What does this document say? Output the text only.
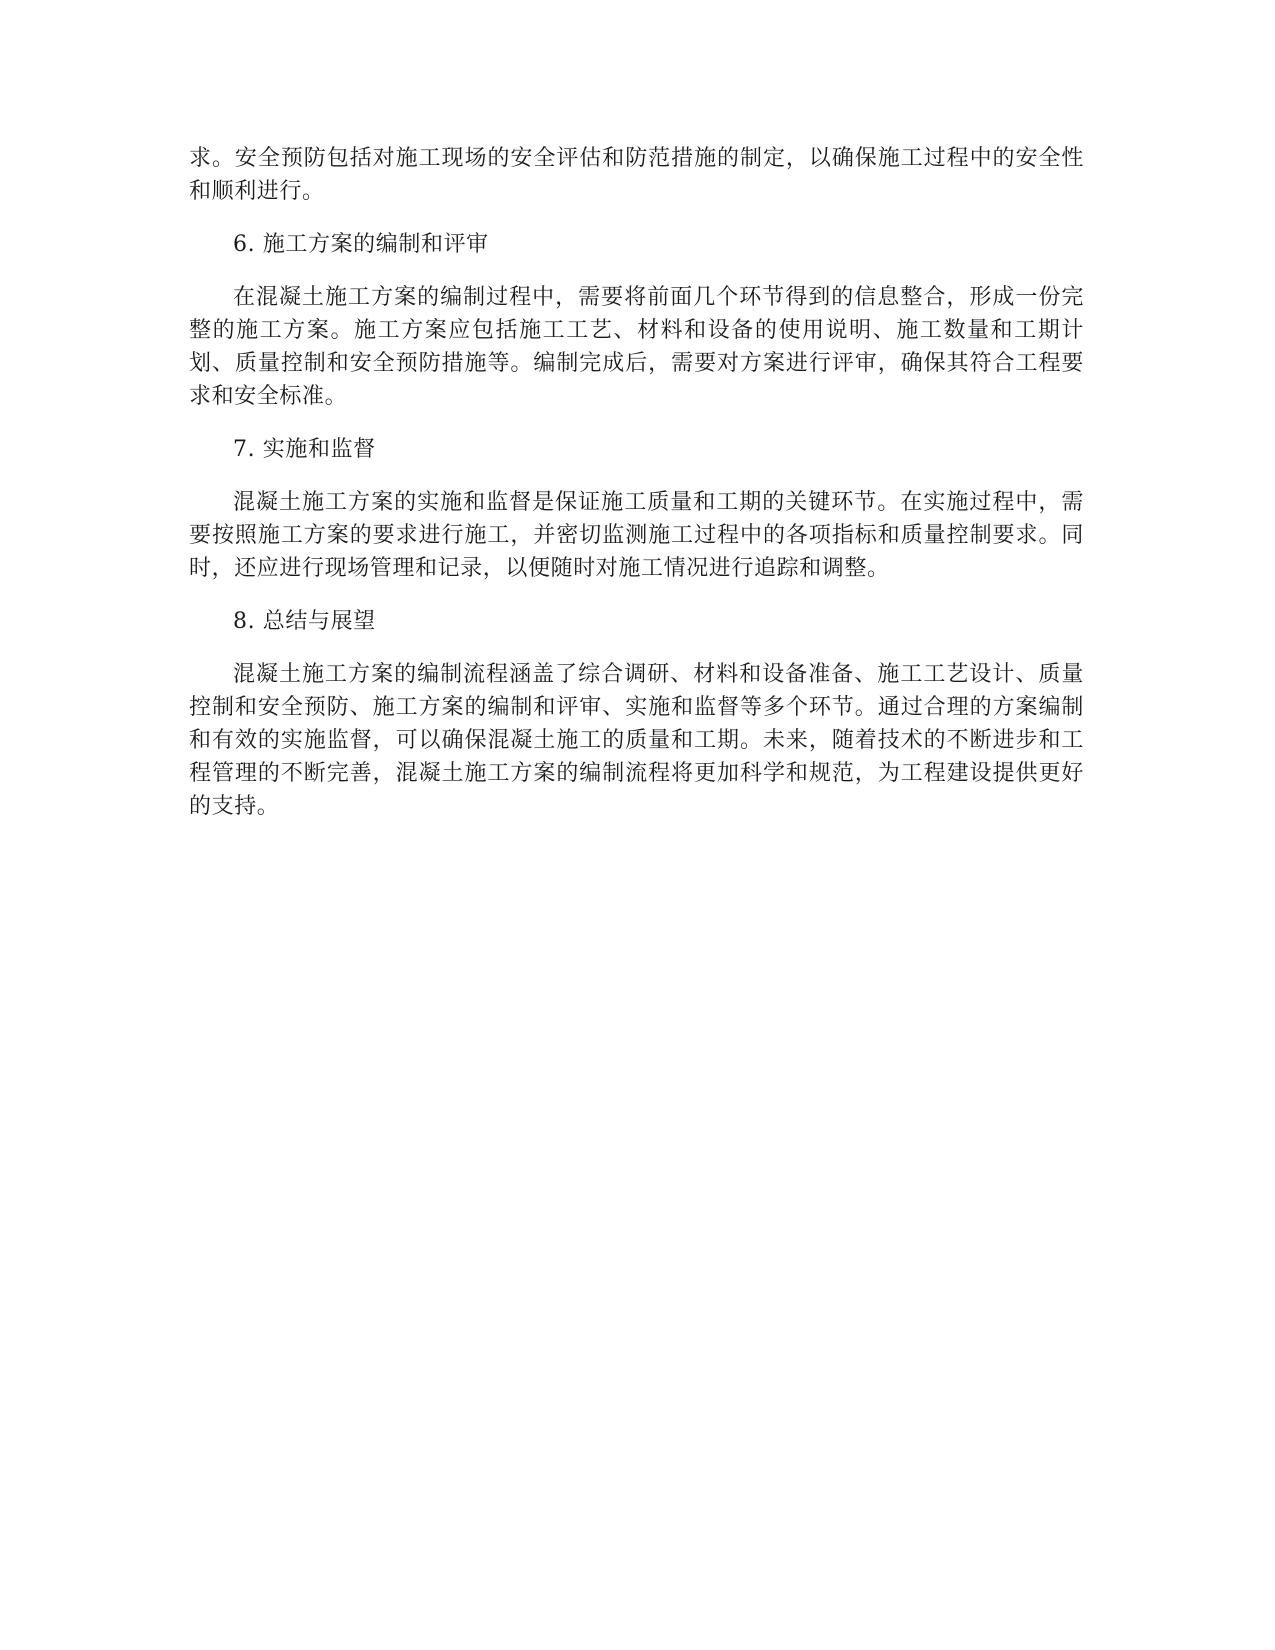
求。安全预防包括对施工现场的安全评估和防范措施的制定，以确保施工过程中的安全性和顺利进行。

6. 施工方案的编制和评审

在混凝土施工方案的编制过程中，需要将前面几个环节得到的信息整合，形成一份完整的施工方案。施工方案应包括施工工艺、材料和设备的使用说明、施工数量和工期计划、质量控制和安全预防措施等。编制完成后，需要对方案进行评审，确保其符合工程要求和安全标准。

7. 实施和监督

混凝土施工方案的实施和监督是保证施工质量和工期的关键环节。在实施过程中，需要按照施工方案的要求进行施工，并密切监测施工过程中的各项指标和质量控制要求。同时，还应进行现场管理和记录，以便随时对施工情况进行追踪和调整。

8. 总结与展望

混凝土施工方案的编制流程涵盖了综合调研、材料和设备准备、施工工艺设计、质量控制和安全预防、施工方案的编制和评审、实施和监督等多个环节。通过合理的方案编制和有效的实施监督，可以确保混凝土施工的质量和工期。未来，随着技术的不断进步和工程管理的不断完善，混凝土施工方案的编制流程将更加科学和规范，为工程建设提供更好的支持。
